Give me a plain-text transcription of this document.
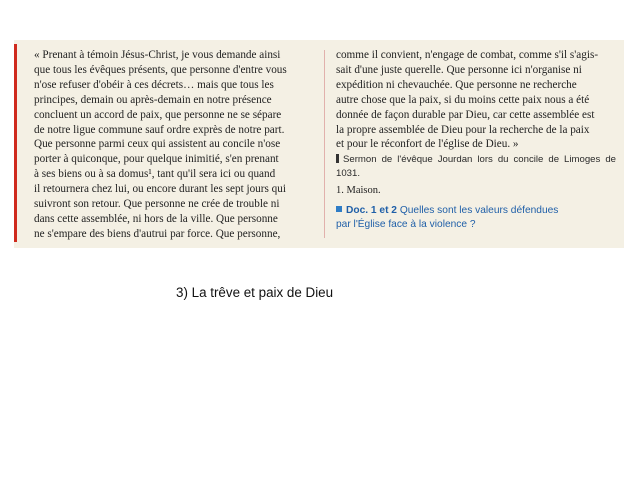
« Prenant à témoin Jésus-Christ, je vous demande ainsi
que tous les évêques présents, que personne d'entre vous
n'ose refuser d'obéir à ces décrets… mais que tous les
principes, demain ou après-demain en notre présence
concluent un accord de paix, que personne ne se sépare
de notre ligue commune sauf ordre exprès de notre part.
Que personne parmi ceux qui assistent au concile n'ose
porter à quiconque, pour quelque inimitié, s'en prenant
à ses biens ou à sa domus¹, tant qu'il sera ici ou quand
il retournera chez lui, ou encore durant les sept jours qui
suivront son retour. Que personne ne crée de trouble ni
dans cette assemblée, ni hors de la ville. Que personne
ne s'empare des biens d'autrui par force. Que personne,
comme il convient, n'engage de combat, comme s'il s'agis-
sait d'une juste querelle. Que personne ici n'organise ni
expédition ni chevauchée. Que personne ne recherche
autre chose que la paix, si du moins cette paix nous a été
donnée de façon durable par Dieu, car cette assemblée est
la propre assemblée de Dieu pour la recherche de la paix
et pour le réconfort de l'église de Dieu. »
Sermon de l'évêque Jourdan lors du concile de Limoges de 1031.
1. Maison.
Doc. 1 et 2 Quelles sont les valeurs défendues
par l'Église face à la violence ?
3) La trêve et paix de Dieu
